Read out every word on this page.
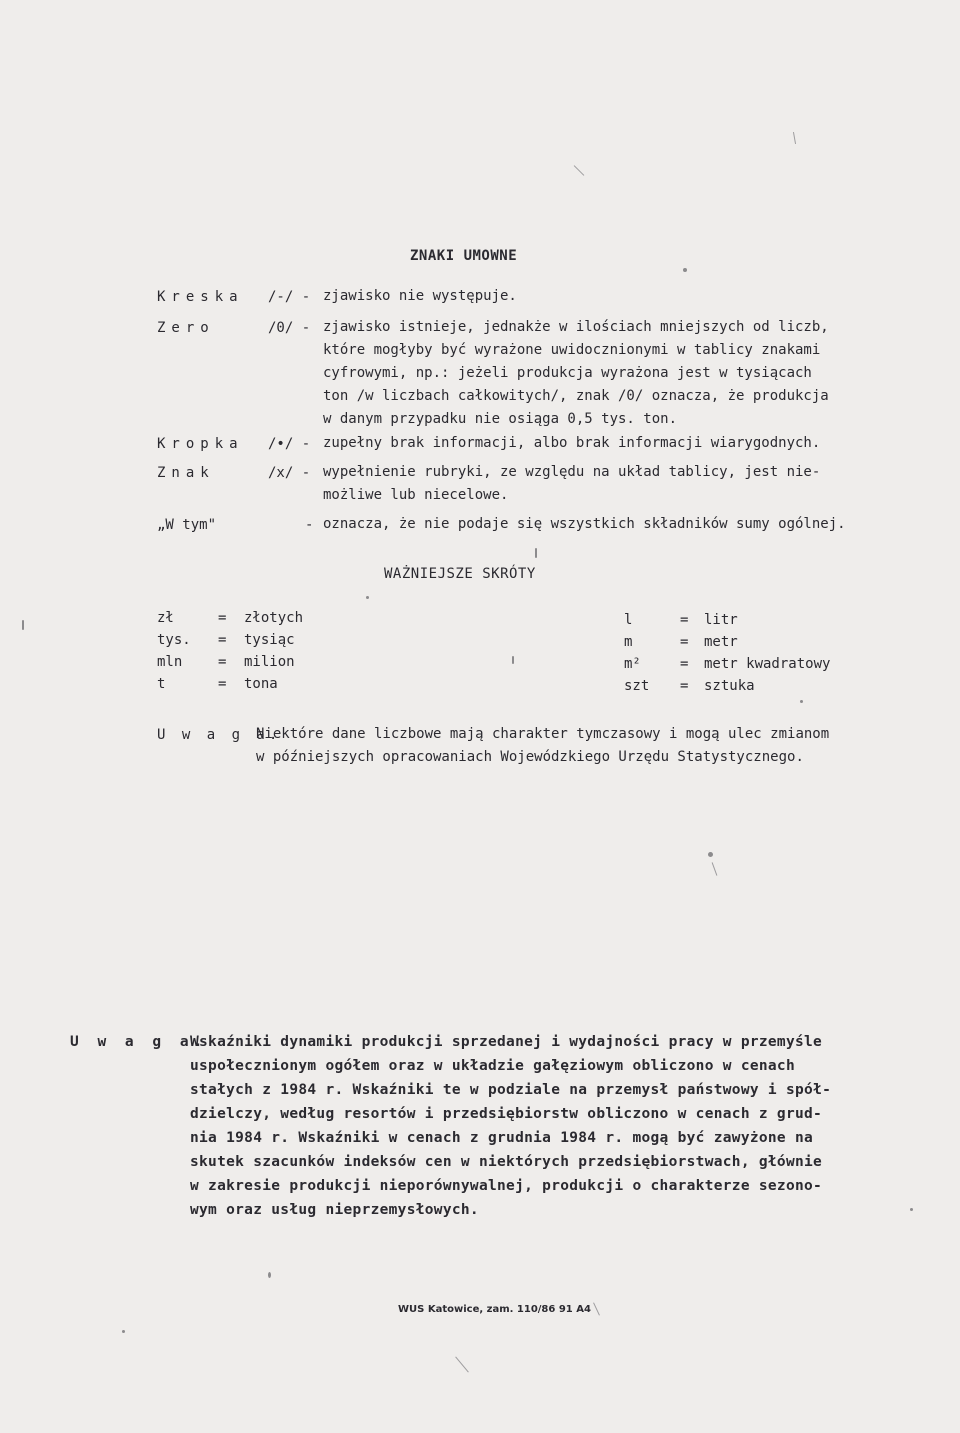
ZNAKI UMOWNE
Kreska /-/ - zjawisko nie występuje.
Zero	/0/ - zjawisko istnieje, jednakże w ilościach mniejszych od liczb,
które mogłyby być wyrażone uwidocznionymi w tablicy znakami
cyfrowymi, np.: jeżeli produkcja wyrażona jest w tysiącach
ton /w liczbach całkowitych/, znak /0/ oznacza, że produkcja
w danym przypadku nie osiąga 0,5 tys. ton.
Kropka /•/ - zupełny brak informacji, albo brak informacji wiarygodnych.
Znak	/x/ - wypełnienie rubryki, ze względu na układ tablicy, jest nie-
możliwe lub niecelowe.
„W tym"	- oznacza, że nie podaje się wszystkich składników sumy ogólnej.
WAŻNIEJSZE SKRÓTY
zł	= złotych
tys. = tysiąc
mln	= milion
t	= tona
l	= litr
m	= metr
m²	= metr kwadratowy
szt = sztuka
U w a g a.
Niektóre dane liczbowe mają charakter tymczasowy i mogą ulec zmianom
w późniejszych opracowaniach Wojewódzkiego Urzędu Statystycznego.
U w a g a.
Wskaźniki dynamiki produkcji sprzedanej i wydajności pracy w przemyśle
uspołecznionym ogółem oraz w układzie gałęziowym obliczono w cenach
stałych z 1984 r. Wskaźniki te w podziale na przemysł państwowy i spół-
dzielczy, według resortów i przedsiębiorstw obliczono w cenach z grud-
nia 1984 r. Wskaźniki w cenach z grudnia 1984 r. mogą być zawyżone na
skutek szacunków indeksów cen w niektórych przedsiębiorstwach, głównie
w zakresie produkcji nieporównywalnej, produkcji o charakterze sezono-
wym oraz usług nieprzemysłowych.
WUS Katowice, zam. 110/86 91 A4
